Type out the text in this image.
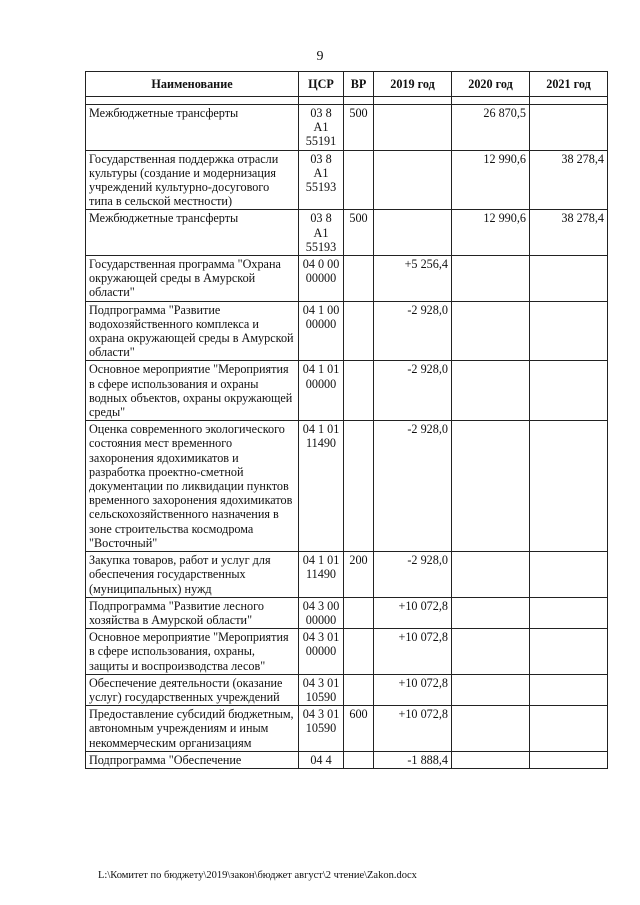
9
Наименование	ЦСР	ВР	2019 год	2020 год	2021 год

Межбюджетные трансферты	03 8 А1 55191	500		26 870,5	
Государственная поддержка отрасли культуры (создание и модернизация учреждений культурно-досугового типа в сельской местности)	03 8 А1 55193			12 990,6	38 278,4
Межбюджетные трансферты	03 8 А1 55193	500		12 990,6	38 278,4
Государственная программа "Охрана окружающей среды в Амурской области"	04 0 00 00000		+5 256,4		
Подпрограмма "Развитие водохозяйственного комплекса и охрана окружающей среды в Амурской области"	04 1 00 00000		-2 928,0		
Основное мероприятие "Мероприятия в сфере использования и охраны водных объектов, охраны окружающей среды"	04 1 01 00000		-2 928,0		
Оценка современного экологического состояния мест временного захоронения ядохимикатов и разработка проектно-сметной документации по ликвидации пунктов временного захоронения ядохимикатов сельскохозяйственного назначения в зоне строительства космодрома "Восточный"	04 1 01 11490		-2 928,0		
Закупка товаров, работ и услуг для обеспечения государственных (муниципальных) нужд	04 1 01 11490	200	-2 928,0		
Подпрограмма "Развитие лесного хозяйства в Амурской области"	04 3 00 00000		+10 072,8		
Основное мероприятие "Мероприятия в сфере использования, охраны, защиты и воспроизводства лесов"	04 3 01 00000		+10 072,8		
Обеспечение деятельности (оказание услуг) государственных учреждений	04 3 01 10590		+10 072,8		
Предоставление субсидий бюджетным, автономным учреждениям и иным некоммерческим организациям	04 3 01 10590	600	+10 072,8		
Подпрограмма "Обеспечение	04 4		-1 888,4		
L:\Комитет по бюджету\2019\закон\бюджет август\2 чтение\Zakon.docx
